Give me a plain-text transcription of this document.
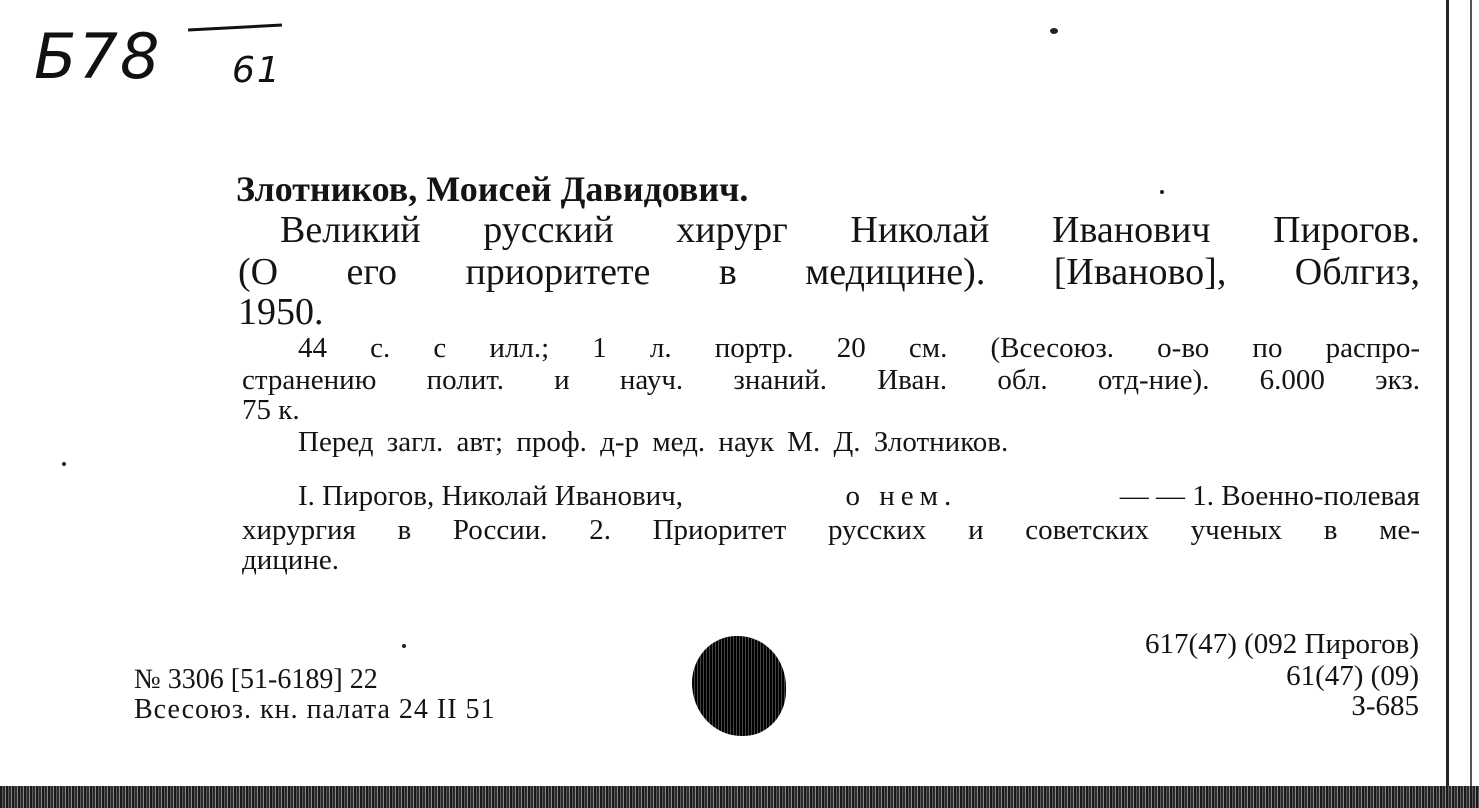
Б78 61
Злотников, Моисей Давидович.
Великий русский хирург Николай Иванович Пирогов.
(О его приоритете в медицине). [Иваново], Облгиз,
1950.
44 с. с илл.; 1 л. портр. 20 см. (Всесоюз. о-во по распро-
странению полит. и науч. знаний. Иван. обл. отд-ние). 6.000 экз.
75 к.
Перед загл. авт; проф. д-р мед. наук М. Д. Злотников.
I. Пирогов, Николай Иванович,	о нем.	— — 1. Военно-полевая
хирургия в России. 2. Приоритет русских и советских ученых в ме-
дицине.
№ 3306 [51-6189] 22
Всесоюз. кн. палата 24 II 51
617(47) (092 Пирогов)
61(47) (09)
З-685
